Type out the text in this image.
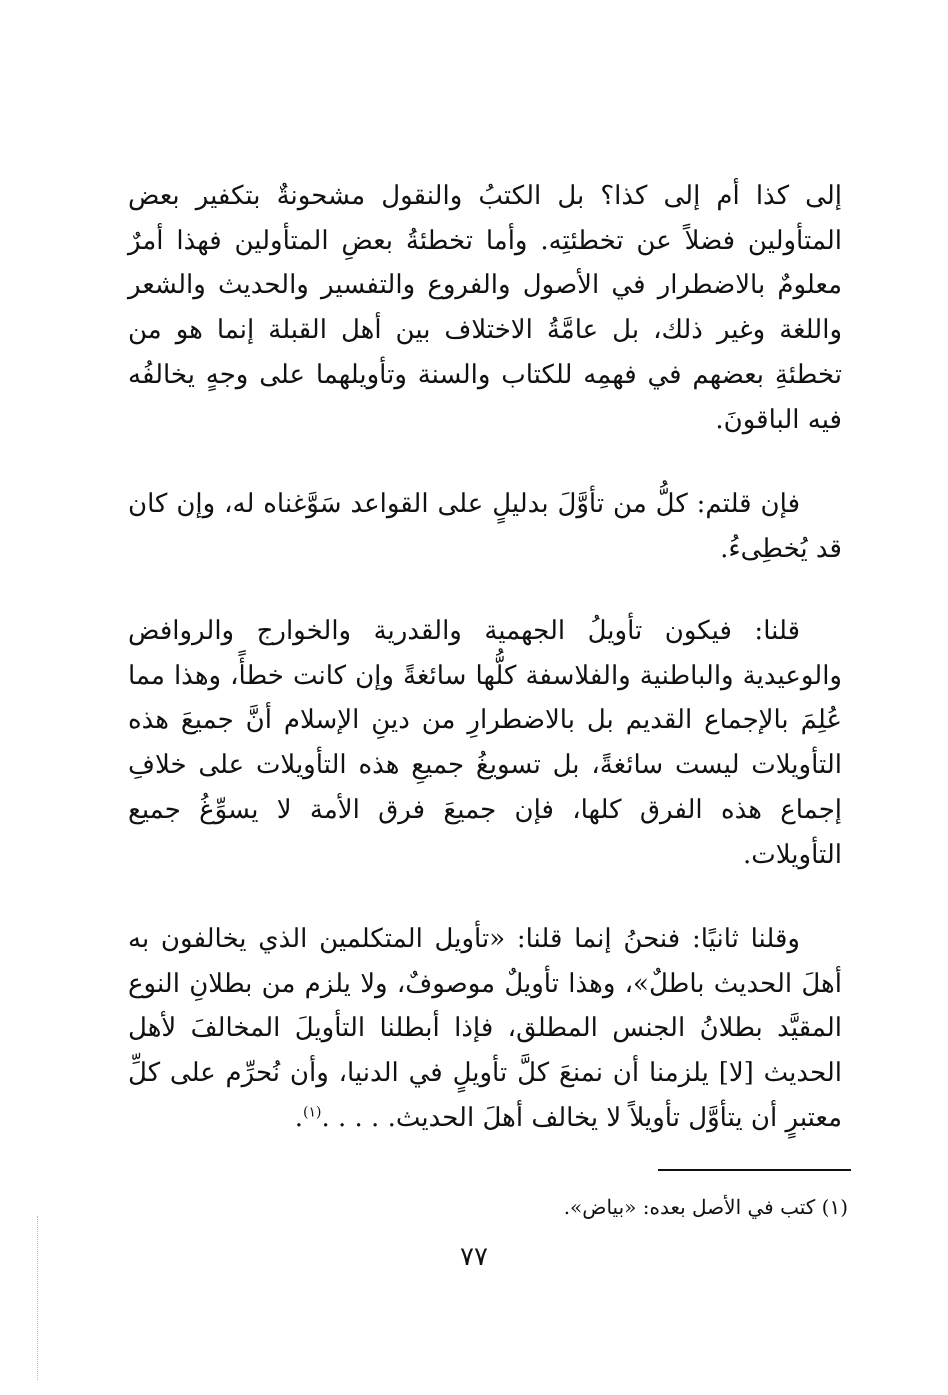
إلى كذا أم إلى كذا؟ بل الكتبُ والنقول مشحونةٌ بتكفير بعض المتأولين فضلاً عن تخطئتِه. وأما تخطئةُ بعضِ المتأولين فهذا أمرٌ معلومٌ بالاضطرار في الأصول والفروع والتفسير والحديث والشعر واللغة وغير ذلك، بل عامَّةُ الاختلاف بين أهل القبلة إنما هو من تخطئةِ بعضهم في فهمِه للكتاب والسنة وتأويلهما على وجهٍ يخالفُه فيه الباقونَ.

فإن قلتم: كلُّ من تأوَّلَ بدليلٍ على القواعد سَوَّغناه له، وإن كان قد يُخطِىءُ.

قلنا: فيكون تأويلُ الجهمية والقدرية والخوارج والروافض والوعيدية والباطنية والفلاسفة كلُّها سائغةً وإن كانت خطأً، وهذا مما عُلِمَ بالإجماع القديم بل بالاضطرارِ من دينِ الإسلام أنَّ جميعَ هذه التأويلات ليست سائغةً، بل تسويغُ جميعِ هذه التأويلات على خلافِ إجماع هذه الفرق كلها، فإن جميعَ فرق الأمة لا يسوِّغُ جميع التأويلات.

وقلنا ثانيًا: فنحنُ إنما قلنا: «تأويل المتكلمين الذي يخالفون به أهلَ الحديث باطلٌ»، وهذا تأويلٌ موصوفٌ، ولا يلزم من بطلانِ النوع المقيَّد بطلانُ الجنس المطلق، فإذا أبطلنا التأويلَ المخالفَ لأهل الحديث [لا] يلزمنا أن نمنعَ كلَّ تأويلٍ في الدنيا، وأن نُحرِّم على كلِّ معتبرٍ أن يتأوَّل تأويلاً لا يخالف أهلَ الحديث. . . . .$^{(١)}$.

(١) كتب في الأصل بعده: «بياض».
٧٧
